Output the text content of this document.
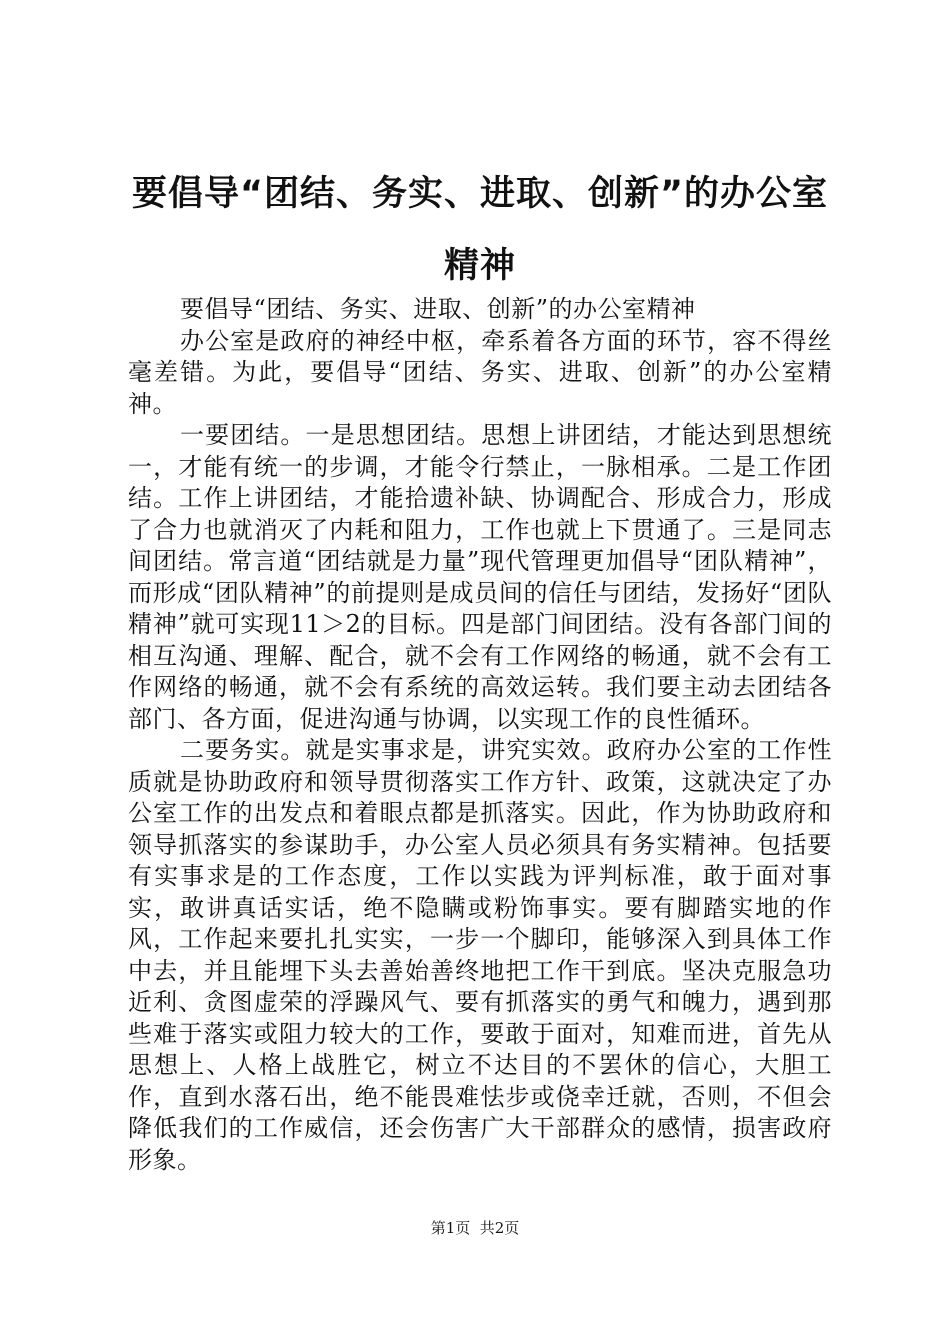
要倡导“团结、务实、进取、创新”的办公室
精神

要倡导“团结、务实、进取、创新”的办公室精神

办公室是政府的神经中枢，牵系着各方面的环节，容不得丝毫差错。为此，要倡导“团结、务实、进取、创新”的办公室精神。

一要团结。一是思想团结。思想上讲团结，才能达到思想统一，才能有统一的步调，才能令行禁止，一脉相承。二是工作团结。工作上讲团结，才能拾遗补缺、协调配合、形成合力，形成了合力也就消灭了内耗和阻力，工作也就上下贯通了。三是同志间团结。常言道“团结就是力量”现代管理更加倡导“团队精神”，而形成“团队精神”的前提则是成员间的信任与团结，发扬好“团队精神”就可实现11＞2的目标。四是部门间团结。没有各部门间的相互沟通、理解、配合，就不会有工作网络的畅通，就不会有工作网络的畅通，就不会有系统的高效运转。我们要主动去团结各部门、各方面，促进沟通与协调，以实现工作的良性循环。

二要务实。就是实事求是，讲究实效。政府办公室的工作性质就是协助政府和领导贯彻落实工作方针、政策，这就决定了办公室工作的出发点和着眼点都是抓落实。因此，作为协助政府和领导抓落实的参谋助手，办公室人员必须具有务实精神。包括要有实事求是的工作态度，工作以实践为评判标准，敢于面对事实，敢讲真话实话，绝不隐瞒或粉饰事实。要有脚踏实地的作风，工作起来要扎扎实实，一步一个脚印，能够深入到具体工作中去，并且能埋下头去善始善终地把工作干到底。坚决克服急功近利、贪图虚荣的浮躁风气、要有抓落实的勇气和魄力，遇到那些难于落实或阻力较大的工作，要敢于面对，知难而进，首先从思想上、人格上战胜它，树立不达目的不罢休的信心，大胆工作，直到水落石出，绝不能畏难怯步或侥幸迁就，否则，不但会降低我们的工作威信，还会伤害广大干部群众的感情，损害政府形象。

第1页  共2页
